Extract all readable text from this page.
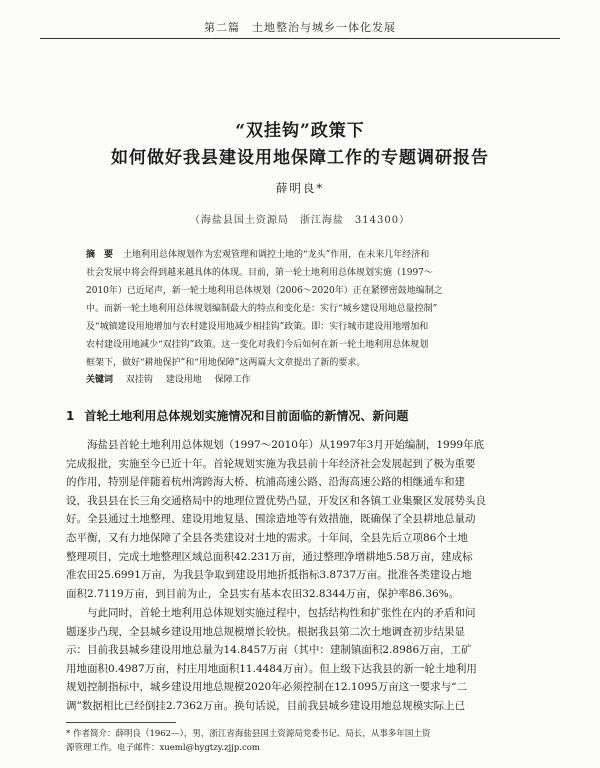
第二篇　土地整治与城乡一体化发展
“双挂钩”政策下
如何做好我县建设用地保障工作的专题调研报告
薛明良*
（海盐县国土资源局　浙江海盐　314300）
摘　要 土地利用总体规划作为宏观管理和调控土地的“龙头”作用，在未来几年经济和
社会发展中将会得到越来越具体的体现。目前，第一轮土地利用总体规划实施（1997～
2010年）已近尾声，新一轮土地利用总体规划（2006～2020年）正在紧锣密鼓地编制之
中。而新一轮土地利用总体规划编制最大的特点和变化是：实行“城乡建设用地总量控制”
及“城镇建设用地增加与农村建设用地减少相挂钩”政策。即：实行城市建设用地增加和
农村建设用地减少“双挂钩”政策。这一变化对我们今后如何在新一轮土地利用总体规划
框架下，做好“耕地保护”和“用地保障”这两篇大文章提出了新的要求。
关键词 双挂钩 建设用地 保障工作
1 首轮土地利用总体规划实施情况和目前面临的新情况、新问题
　　海盐县首轮土地利用总体规划（1997～2010年）从1997年3月开始编制，1999年底
完成报批，实施至今已近十年。首轮规划实施为我县前十年经济社会发展起到了极为重要
的作用，特别是伴随着杭州湾跨海大桥、杭浦高速公路、沿海高速公路的相继通车和建
设，我县县在长三角交通格局中的地理位置优势凸显，开发区和各镇工业集聚区发展势头良
好。全县通过土地整理、建设用地复垦、围涂造地等有效措施，既确保了全县耕地总量动
态平衡，又有力地保障了全县各类建设对土地的需求。十年间，全县先后立项86个土地
整理项目，完成土地整理区域总面积42.231万亩，通过整理净增耕地5.58万亩，建成标
准农田25.6991万亩，为我县争取到建设用地折抵指标3.8737万亩。批准各类建设占地
面积2.7119万亩，到目前为止，全县实有基本农田32.8344万亩，保护率86.36%。
　　与此同时，首轮土地利用总体规划实施过程中，包括结构性和扩张性在内的矛盾和问
题逐步凸现，全县城乡建设用地总规模增长较快。根据我县第二次土地调查初步结果显
示：目前我县城乡建设用地总量为14.8457万亩（其中：建制镇面积2.8986万亩，工矿
用地面积0.4987万亩，村庄用地面积11.4484万亩）。但上级下达我县的新一轮土地利用
规划控制指标中，城乡建设用地总规模2020年必须控制在12.1095万亩这一要求与“二
调”数据相比已经倒挂2.7362万亩。换句话说，目前我县城乡建设用地总规模实际上已
* 作者简介：薛明良（1962—），男，浙江省海盐县国土资源局党委书记、局长，从事多年国土资
源管理工作。电子邮件：xueml@hygtzy.zjjp.com
